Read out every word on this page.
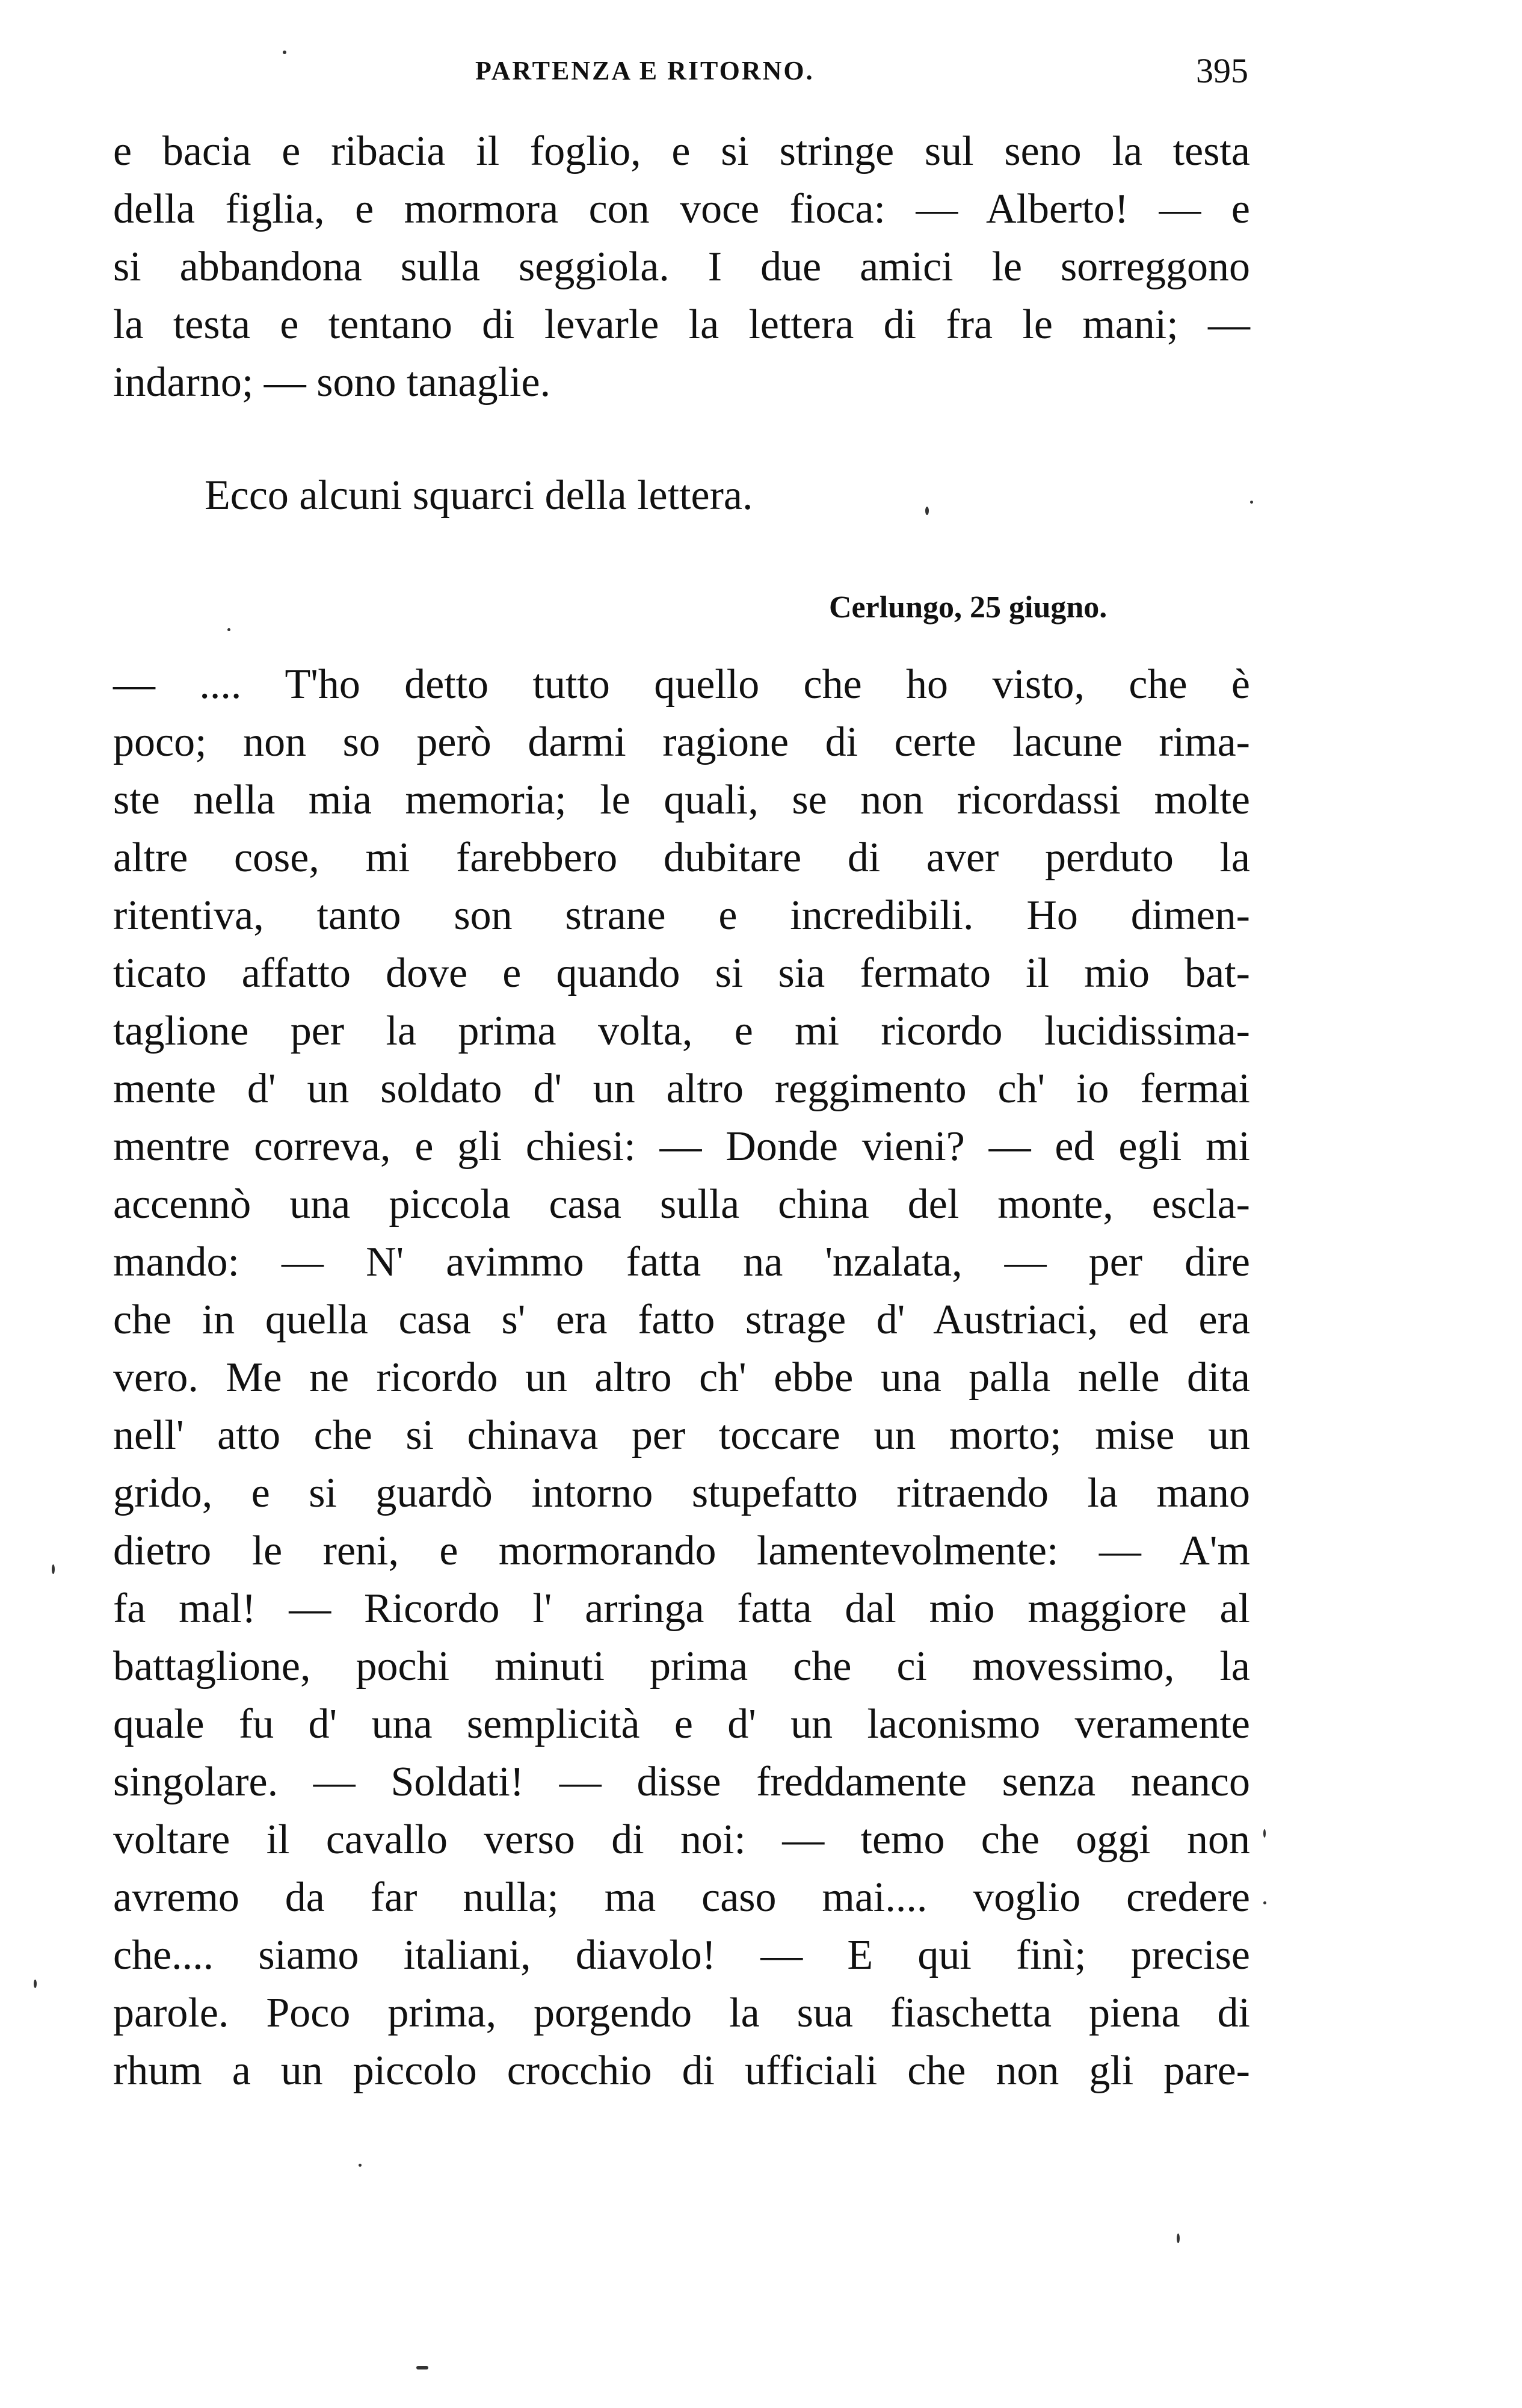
PARTENZA E RITORNO.	395
e bacia e ribacia il foglio, e si stringe sul seno la testa
della figlia, e mormora con voce fioca: — Alberto! — e
si abbandona sulla seggiola. I due amici le sorreggono
la testa e tentano di levarle la lettera di fra le mani; —
indarno; — sono tanaglie.
Ecco alcuni squarci della lettera.
Cerlungo, 25 giugno.
— .... T'ho detto tutto quello che ho visto, che è
poco; non so però darmi ragione di certe lacune rima-
ste nella mia memoria; le quali, se non ricordassi molte
altre cose, mi farebbero dubitare di aver perduto la
ritentiva, tanto son strane e incredibili. Ho dimen-
ticato affatto dove e quando si sia fermato il mio bat-
taglione per la prima volta, e mi ricordo lucidissima-
mente d' un soldato d' un altro reggimento ch' io fermai
mentre correva, e gli chiesi: — Donde vieni? — ed egli mi
accennò una piccola casa sulla china del monte, escla-
mando: — N' avimmo fatta na 'nzalata, — per dire
che in quella casa s' era fatto strage d' Austriaci, ed era
vero. Me ne ricordo un altro ch' ebbe una palla nelle dita
nell' atto che si chinava per toccare un morto; mise un
grido, e si guardò intorno stupefatto ritraendo la mano
dietro le reni, e mormorando lamentevolmente: — A'm
fa mal! — Ricordo l' arringa fatta dal mio maggiore al
battaglione, pochi minuti prima che ci movessimo, la
quale fu d' una semplicità e d' un laconismo veramente
singolare. — Soldati! — disse freddamente senza neanco
voltare il cavallo verso di noi: — temo che oggi non
avremo da far nulla; ma caso mai.... voglio credere
che.... siamo italiani, diavolo! — E qui finì; precise
parole. Poco prima, porgendo la sua fiaschetta piena di
rhum a un piccolo crocchio di ufficiali che non gli pare-
